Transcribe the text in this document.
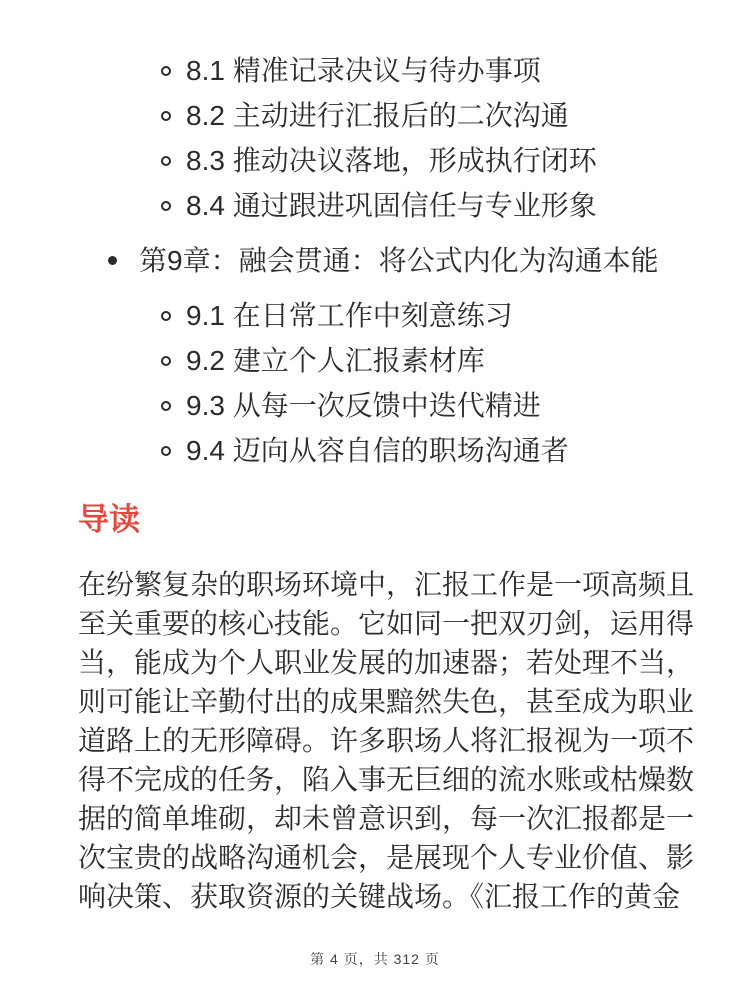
8.1 精准记录决议与待办事项
8.2 主动进行汇报后的二次沟通
8.3 推动决议落地，形成执行闭环
8.4 通过跟进巩固信任与专业形象
第9章：融会贯通：将公式内化为沟通本能
9.1 在日常工作中刻意练习
9.2 建立个人汇报素材库
9.3 从每一次反馈中迭代精进
9.4 迈向从容自信的职场沟通者
导读
在纷繁复杂的职场环境中，汇报工作是一项高频且
至关重要的核心技能。它如同一把双刃剑，运用得
当，能成为个人职业发展的加速器；若处理不当，
则可能让辛勤付出的成果黯然失色，甚至成为职业
道路上的无形障碍。许多职场人将汇报视为一项不
得不完成的任务，陷入事无巨细的流水账或枯燥数
据的简单堆砌，却未曾意识到，每一次汇报都是一
次宝贵的战略沟通机会，是展现个人专业价值、影
响决策、获取资源的关键战场。《汇报工作的黄金
第 4 页，共 312 页
